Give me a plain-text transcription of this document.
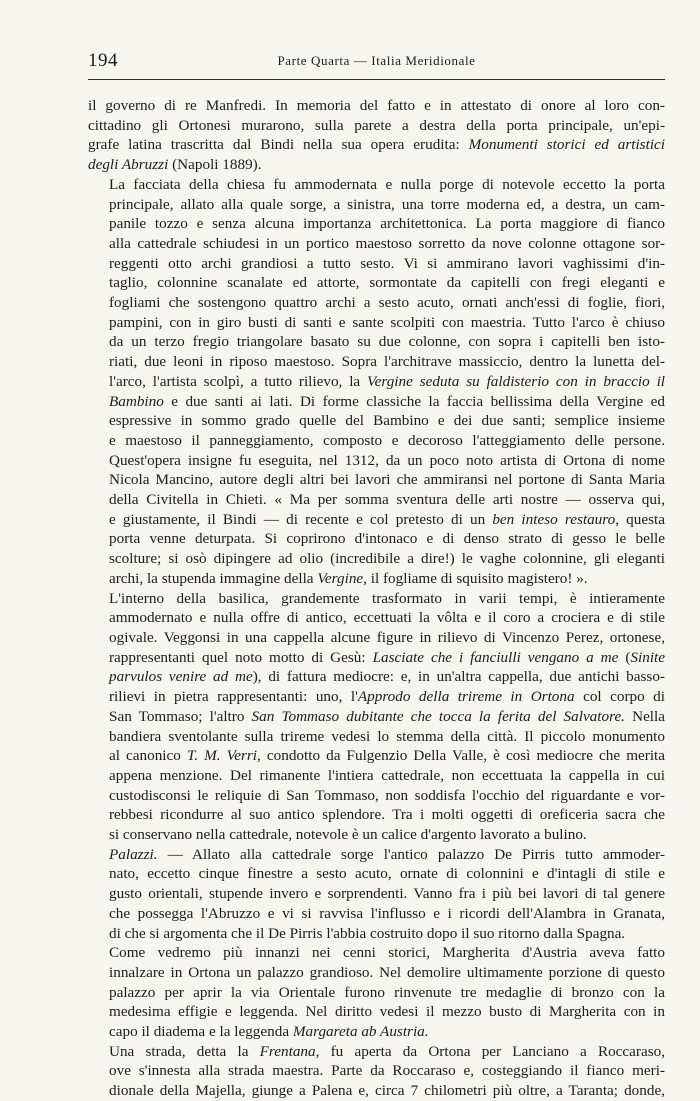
194	Parte Quarta — Italia Meridionale

il governo di re Manfredi. In memoria del fatto e in attestato di onore al loro con-
cittadino gli Ortonesi murarono, sulla parete a destra della porta principale, un'epi-
grafe latina trascritta dal Bindi nella sua opera erudita: Monumenti storici ed artistici
degli Abruzzi (Napoli 1889).

La facciata della chiesa fu ammodernata e nulla porge di notevole eccetto la porta
principale, allato alla quale sorge, a sinistra, una torre moderna ed, a destra, un cam-
panile tozzo e senza alcuna importanza architettonica. La porta maggiore di fianco
alla cattedrale schiudesi in un portico maestoso sorretto da nove colonne ottagone sor-
reggenti otto archi grandiosi a tutto sesto. Vi si ammirano lavori vaghissimi d'in-
taglio, colonnine scanalate ed attorte, sormontate da capitelli con fregi eleganti e
fogliami che sostengono quattro archi a sesto acuto, ornati anch'essi di foglie, fiori,
pampini, con in giro busti di santi e sante scolpiti con maestria. Tutto l'arco è chiuso
da un terzo fregio triangolare basato su due colonne, con sopra i capitelli ben isto-
riati, due leoni in riposo maestoso. Sopra l'architrave massiccio, dentro la lunetta del-
l'arco, l'artista scolpì, a tutto rilievo, la Vergine seduta su faldisterio con in braccio il
Bambino e due santi ai lati. Di forme classiche la faccia bellissima della Vergine ed
espressive in sommo grado quelle del Bambino e dei due santi; semplice insieme
e maestoso il panneggiamento, composto e decoroso l'atteggiamento delle persone.
Quest'opera insigne fu eseguita, nel 1312, da un poco noto artista di Ortona di nome
Nicola Mancino, autore degli altri bei lavori che ammiransi nel portone di Santa Maria
della Civitella in Chieti. « Ma per somma sventura delle arti nostre — osserva qui,
e giustamente, il Bindi — di recente e col pretesto di un ben inteso restauro, questa
porta venne deturpata. Si coprirono d'intonaco e di denso strato di gesso le belle
scolture; si osò dipingere ad olio (incredibile a dire!) le vaghe colonnine, gli eleganti
archi, la stupenda immagine della Vergine, il fogliame di squisito magistero! ».

L'interno della basilica, grandemente trasformato in varii tempi, è intieramente
ammodernato e nulla offre di antico, eccettuati la vôlta e il coro a crociera e di stile
ogivale. Veggonsi in una cappella alcune figure in rilievo di Vincenzo Perez, ortonese,
rappresentanti quel noto motto di Gesù: Lasciate che i fanciulli vengano a me (Sinite
parvulos venire ad me), di fattura mediocre: e, in un'altra cappella, due antichi basso-
rilievi in pietra rappresentanti: uno, l'Approdo della trireme in Ortona col corpo di
San Tommaso; l'altro San Tommaso dubitante che tocca la ferita del Salvatore. Nella
bandiera sventolante sulla trireme vedesi lo stemma della città. Il piccolo monumento
al canonico T. M. Verri, condotto da Fulgenzio Della Valle, è così mediocre che merita
appena menzione. Del rimanente l'intiera cattedrale, non eccettuata la cappella in cui
custodisconsi le reliquie di San Tommaso, non soddisfa l'occhio del riguardante e vor-
rebbesi ricondurre al suo antico splendore. Tra i molti oggetti di oreficeria sacra che
si conservano nella cattedrale, notevole è un calice d'argento lavorato a bulino.

Palazzi. — Allato alla cattedrale sorge l'antico palazzo De Pirris tutto ammoder-
nato, eccetto cinque finestre a sesto acuto, ornate di colonnini e d'intagli di stile e
gusto orientali, stupende invero e sorprendenti. Vanno fra i più bei lavori di tal genere
che possegga l'Abruzzo e vi si ravvisa l'influsso e i ricordi dell'Alambra in Granata,
di che si argomenta che il De Pirris l'abbia costruito dopo il suo ritorno dalla Spagna.

Come vedremo più innanzi nei cenni storici, Margherita d'Austria aveva fatto
innalzare in Ortona un palazzo grandioso. Nel demolire ultimamente porzione di questo
palazzo per aprir la via Orientale furono rinvenute tre medaglie di bronzo con la
medesima effigie e leggenda. Nel diritto vedesi il mezzo busto di Margherita con in
capo il diadema e la leggenda Margareta ab Austria.

Una strada, detta la Frentana, fu aperta da Ortona per Lanciano a Roccaraso,
ove s'innesta alla strada maestra. Parte da Roccaraso e, costeggiando il fianco meri-
dionale della Majella, giunge a Palena e, circa 7 chilometri più oltre, a Taranta; donde,
